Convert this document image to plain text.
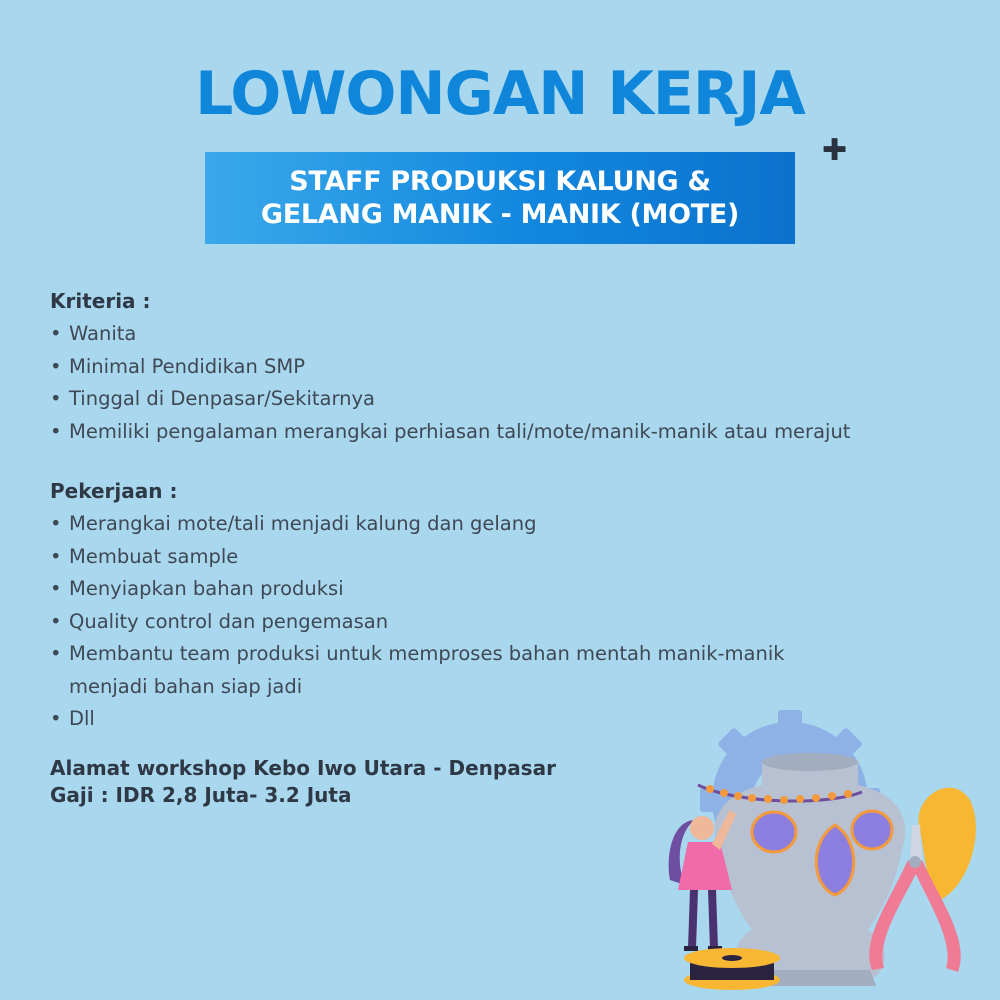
LOWONGAN KERJA
✚
STAFF PRODUKSI KALUNG &
GELANG MANIK - MANIK (MOTE)
Kriteria :
• Wanita
• Minimal Pendidikan SMP
• Tinggal di Denpasar/Sekitarnya
• Memiliki pengalaman merangkai perhiasan tali/mote/manik-manik atau merajut
Pekerjaan :
• Merangkai mote/tali menjadi kalung dan gelang
• Membuat sample
• Menyiapkan bahan produksi
• Quality control dan pengemasan
• Membantu team produksi untuk memproses bahan mentah manik-manik menjadi bahan siap jadi
• Dll
Alamat workshop Kebo Iwo Utara - Denpasar
Gaji : IDR 2,8 Juta- 3.2 Juta
